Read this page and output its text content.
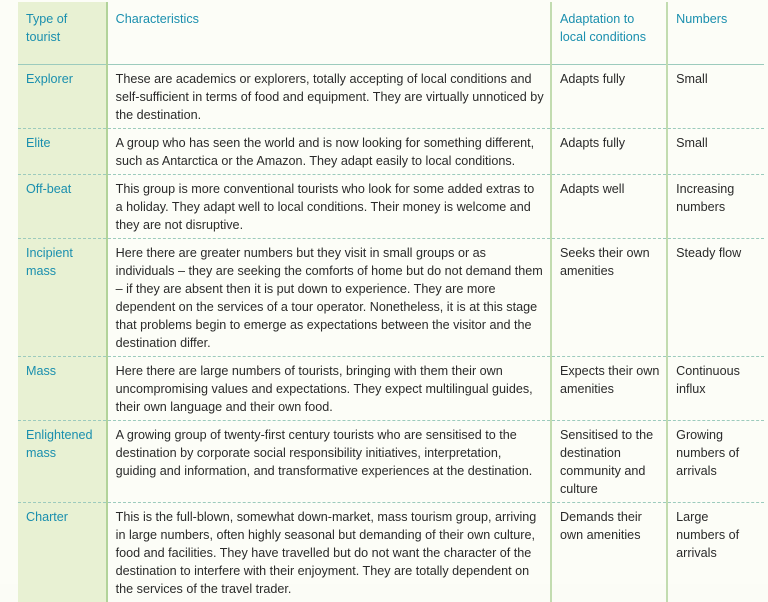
Type of tourist	Characteristics	Adaptation to local conditions	Numbers
Explorer	These are academics or explorers, totally accepting of local conditions and self-sufficient in terms of food and equipment. They are virtually unnoticed by the destination.	Adapts fully	Small
Elite	A group who has seen the world and is now looking for something different, such as Antarctica or the Amazon. They adapt easily to local conditions.	Adapts fully	Small
Off-beat	This group is more conventional tourists who look for some added extras to a holiday. They adapt well to local conditions. Their money is welcome and they are not disruptive.	Adapts well	Increasing numbers
Incipient mass	Here there are greater numbers but they visit in small groups or as individuals – they are seeking the comforts of home but do not demand them – if they are absent then it is put down to experience. They are more dependent on the services of a tour operator. Nonetheless, it is at this stage that problems begin to emerge as expectations between the visitor and the destination differ.	Seeks their own amenities	Steady flow
Mass	Here there are large numbers of tourists, bringing with them their own uncompromising values and expectations. They expect multilingual guides, their own language and their own food.	Expects their own amenities	Continuous influx
Enlightened mass	A growing group of twenty-first century tourists who are sensitised to the destination by corporate social responsibility initiatives, interpretation, guiding and information, and transformative experiences at the destination.	Sensitised to the destination community and culture	Growing numbers of arrivals
Charter	This is the full-blown, somewhat down-market, mass tourism group, arriving in large numbers, often highly seasonal but demanding of their own culture, food and facilities. They have travelled but do not want the character of the destination to interfere with their enjoyment. They are totally dependent on the services of the travel trader.	Demands their own amenities	Large numbers of arrivals
